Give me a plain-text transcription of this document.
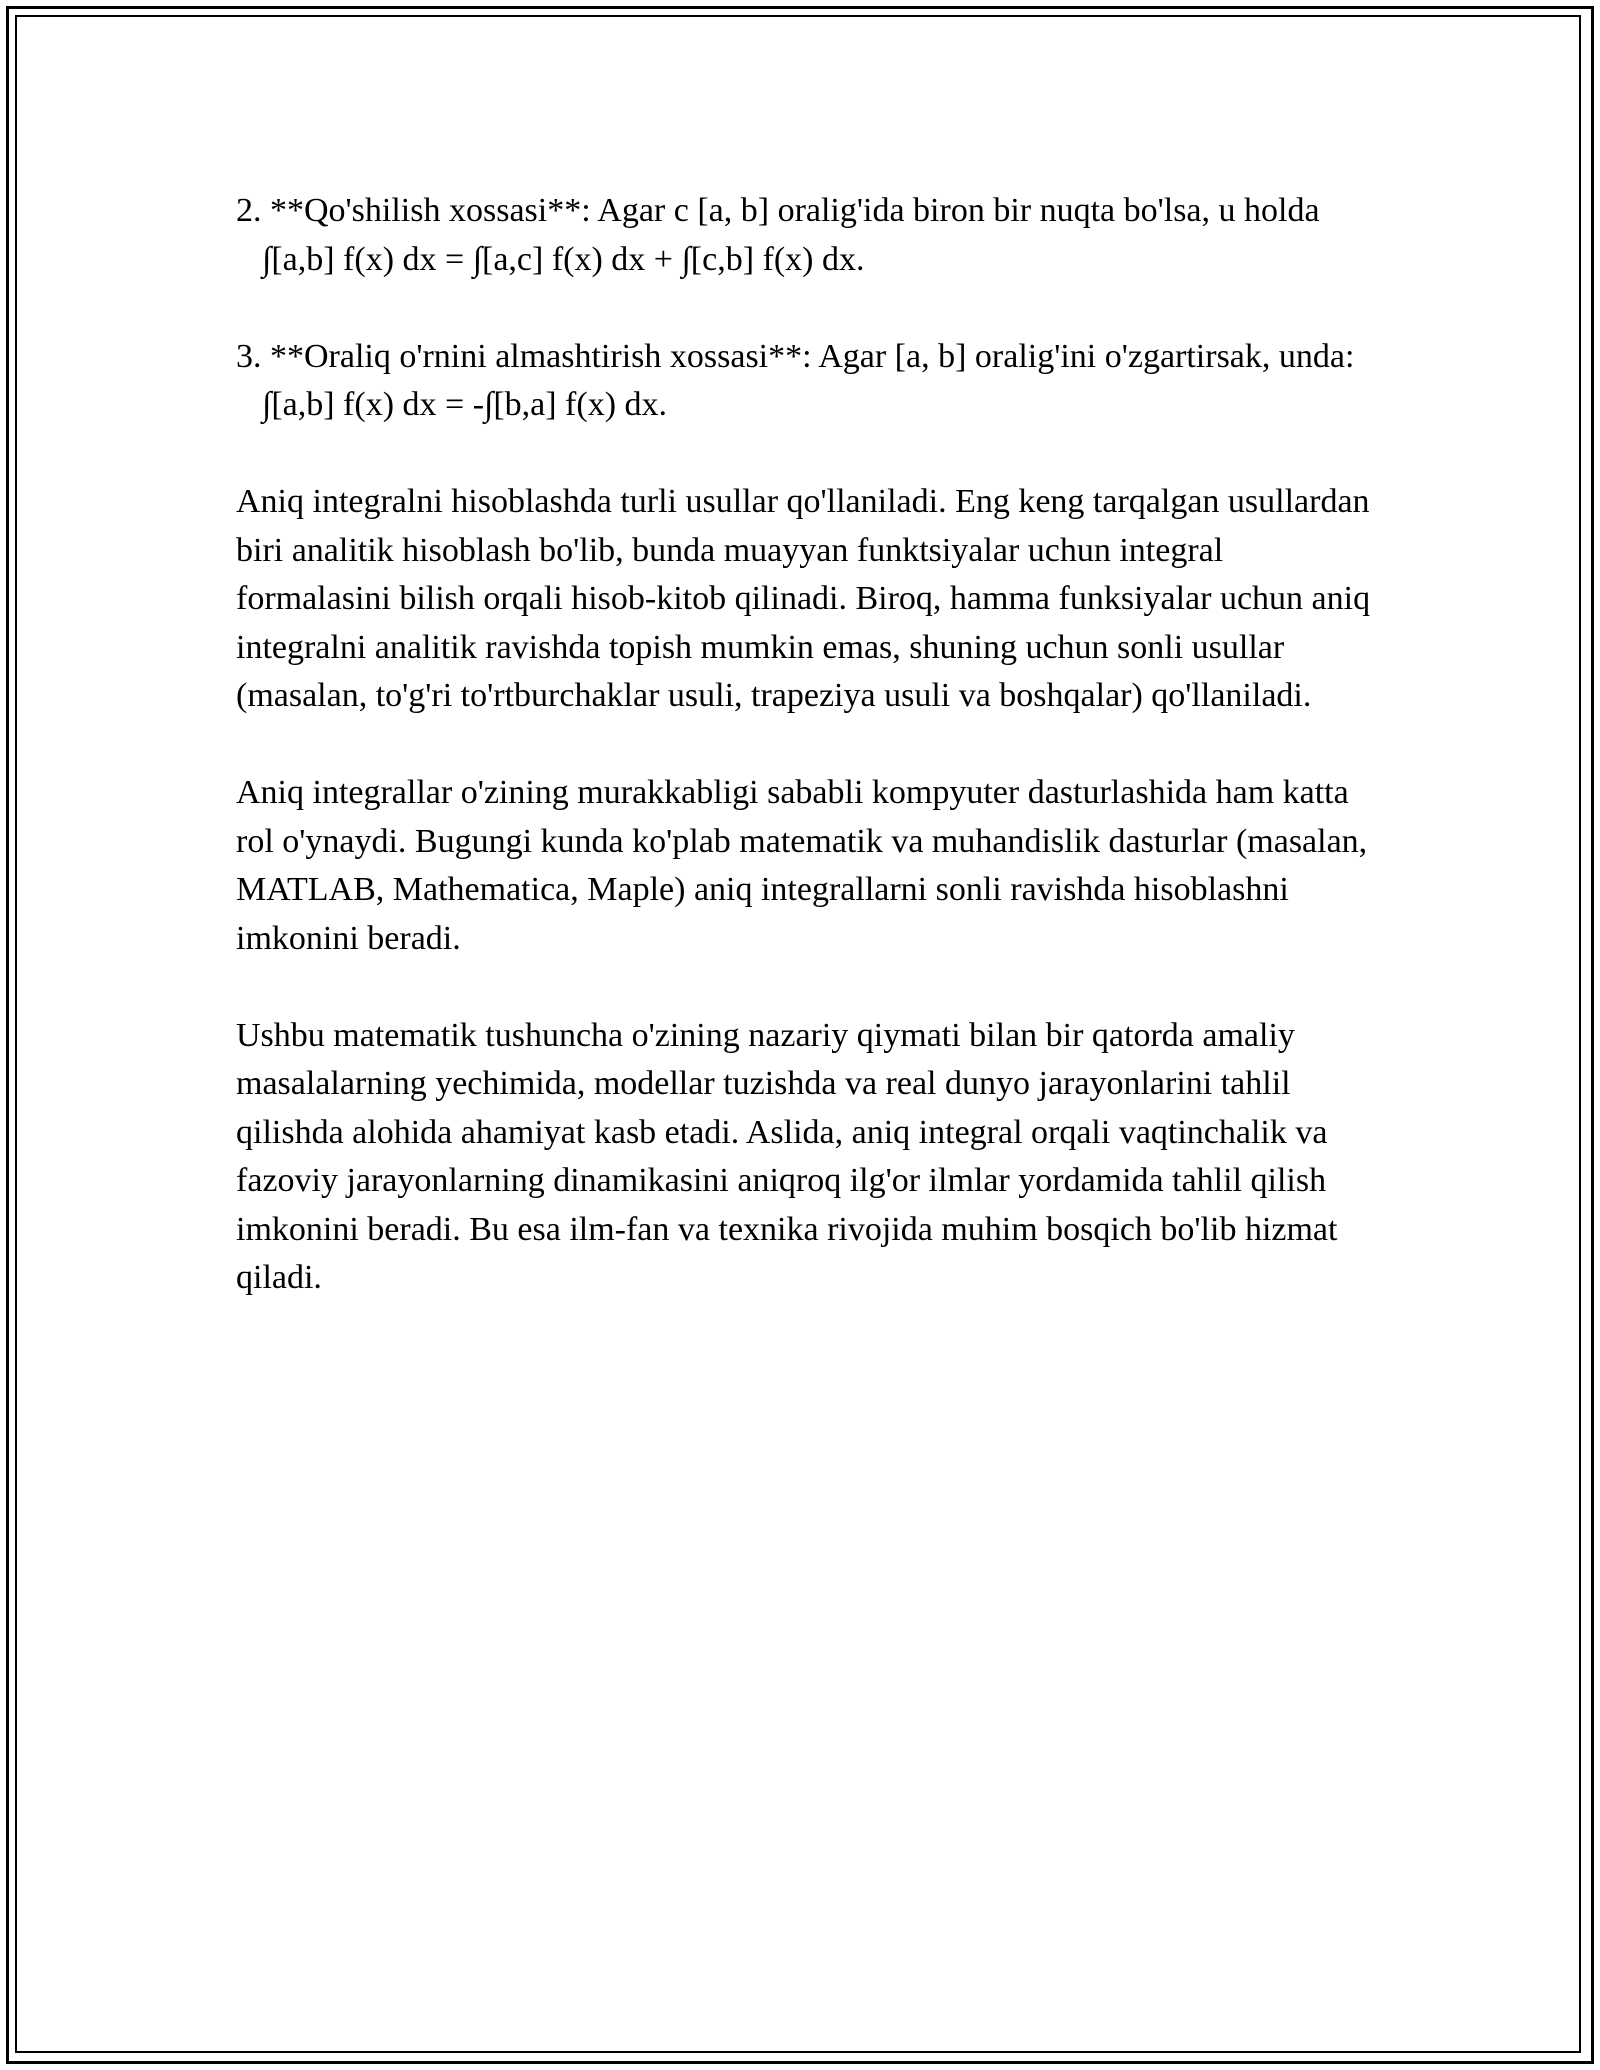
2. **Qo'shilish xossasi**: Agar c [a, b] oralig'ida biron bir nuqta bo'lsa, u holda
∫[a,b] f(x) dx = ∫[a,c] f(x) dx + ∫[c,b] f(x) dx.
3. **Oraliq o'rnini almashtirish xossasi**: Agar [a, b] oralig'ini o'zgartirsak, unda:
∫[a,b] f(x) dx = -∫[b,a] f(x) dx.

Aniq integralni hisoblashda turli usullar qo'llaniladi. Eng keng tarqalgan usullardan biri analitik hisoblash bo'lib, bunda muayyan funktsiyalar uchun integral formalasini bilish orqali hisob-kitob qilinadi. Biroq, hamma funksiyalar uchun aniq integralni analitik ravishda topish mumkin emas, shuning uchun sonli usullar (masalan, to'g'ri to'rtburchaklar usuli, trapeziya usuli va boshqalar) qo'llaniladi.

Aniq integrallar o'zining murakkabligi sababli kompyuter dasturlashida ham katta rol o'ynaydi. Bugungi kunda ko'plab matematik va muhandislik dasturlar (masalan, MATLAB, Mathematica, Maple) aniq integrallarni sonli ravishda hisoblashni imkonini beradi.

Ushbu matematik tushuncha o'zining nazariy qiymati bilan bir qatorda amaliy masalalarning yechimida, modellar tuzishda va real dunyo jarayonlarini tahlil qilishda alohida ahamiyat kasb etadi. Aslida, aniq integral orqali vaqtinchalik va fazoviy jarayonlarning dinamikasini aniqroq ilg'or ilmlar yordamida tahlil qilish imkonini beradi. Bu esa ilm-fan va texnika rivojida muhim bosqich bo'lib hizmat qiladi.
